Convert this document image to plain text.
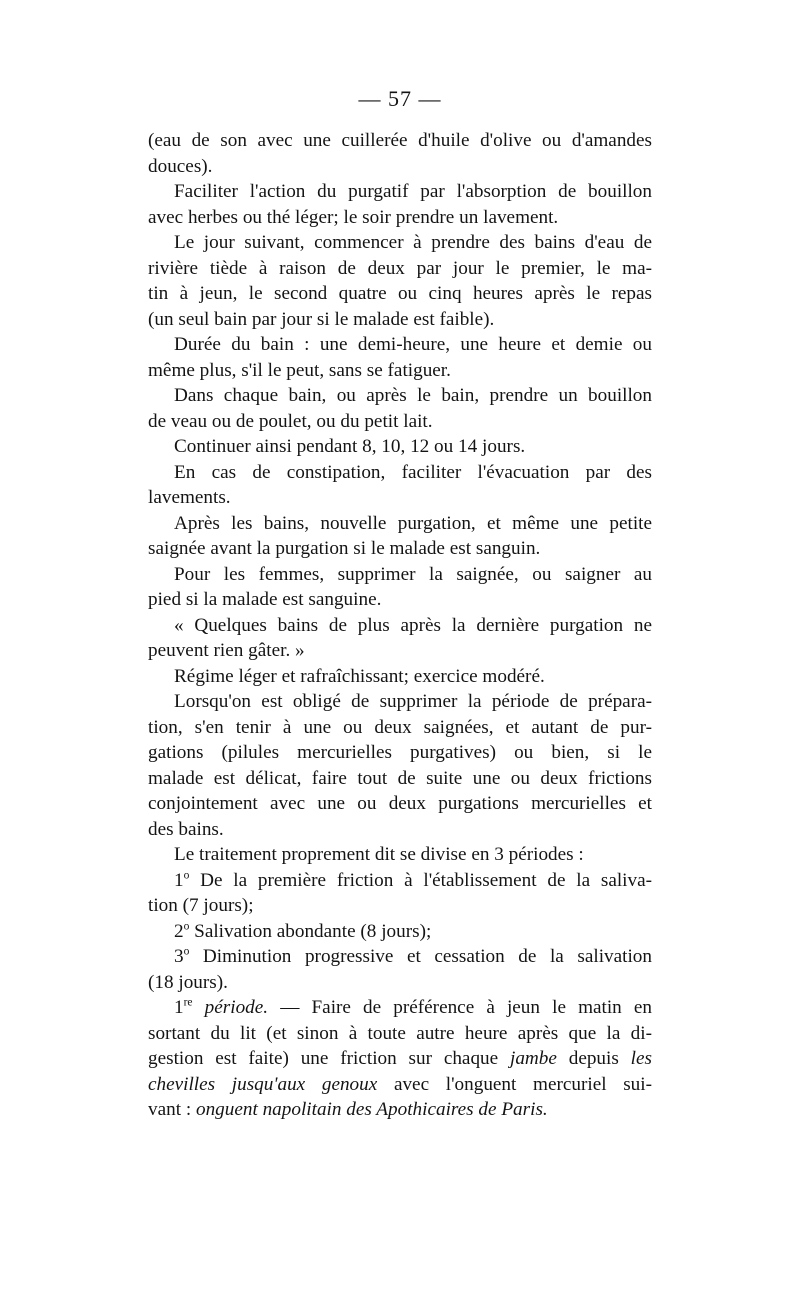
— 57 —
(eau de son avec une cuillerée d'huile d'olive ou d'amandes
douces).
Faciliter l'action du purgatif par l'absorption de bouillon
avec herbes ou thé léger; le soir prendre un lavement.
Le jour suivant, commencer à prendre des bains d'eau de
rivière tiède à raison de deux par jour le premier, le ma-
tin à jeun, le second quatre ou cinq heures après le repas
(un seul bain par jour si le malade est faible).
Durée du bain : une demi-heure, une heure et demie ou
même plus, s'il le peut, sans se fatiguer.
Dans chaque bain, ou après le bain, prendre un bouillon
de veau ou de poulet, ou du petit lait.
Continuer ainsi pendant 8, 10, 12 ou 14 jours.
En cas de constipation, faciliter l'évacuation par des
lavements.
Après les bains, nouvelle purgation, et même une petite
saignée avant la purgation si le malade est sanguin.
Pour les femmes, supprimer la saignée, ou saigner au
pied si la malade est sanguine.
« Quelques bains de plus après la dernière purgation ne
peuvent rien gâter. »
Régime léger et rafraîchissant; exercice modéré.
Lorsqu'on est obligé de supprimer la période de prépara-
tion, s'en tenir à une ou deux saignées, et autant de pur-
gations (pilules mercurielles purgatives) ou bien, si le
malade est délicat, faire tout de suite une ou deux frictions
conjointement avec une ou deux purgations mercurielles et
des bains.
Le traitement proprement dit se divise en 3 périodes :
1$^o$ De la première friction à l'établissement de la saliva-
tion (7 jours);
2$^o$ Salivation abondante (8 jours);
3$^o$ Diminution progressive et cessation de la salivation
(18 jours).
1re période. — Faire de préférence à jeun le matin en
sortant du lit (et sinon à toute autre heure après que la di-
gestion est faite) une friction sur chaque jambe depuis les
chevilles jusqu'aux genoux avec l'onguent mercuriel sui-
vant : onguent napolitain des Apothicaires de Paris.
